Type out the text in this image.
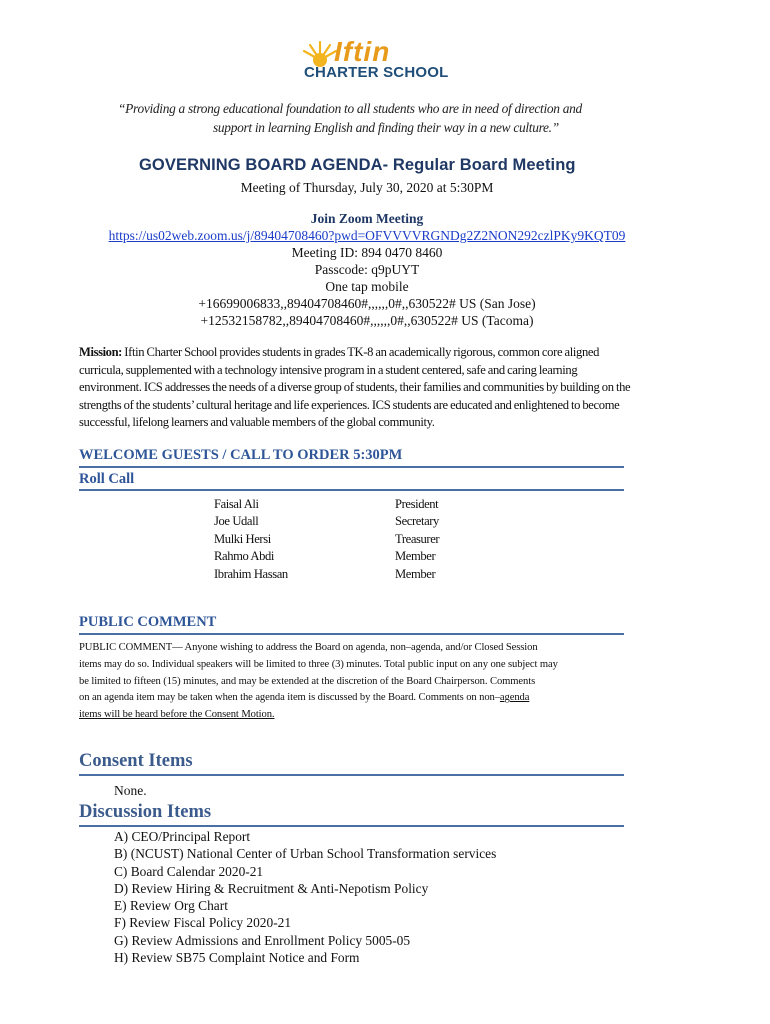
Iftin
CHARTER SCHOOL
“Providing a strong educational foundation to all students who are in need of direction and
support in learning English and finding their way in a new culture.”
GOVERNING BOARD AGENDA- Regular Board Meeting
Meeting of Thursday, July 30, 2020 at 5:30PM
Join Zoom Meeting
https://us02web.zoom.us/j/89404708460?pwd=OFVVVVRGNDg2Z2NON292czlPKy9KQT09
Meeting ID: 894 0470 8460
Passcode: q9pUYT
One tap mobile
+16699006833,,89404708460#,,,,,,0#,,630522# US (San Jose)
+12532158782,,89404708460#,,,,,,0#,,630522# US (Tacoma)
Mission: Iftin Charter School provides students in grades TK-8 an academically rigorous, common core aligned curricula, supplemented with a technology intensive program in a student centered, safe and caring learning environment. ICS addresses the needs of a diverse group of students, their families and communities by building on the strengths of the students’ cultural heritage and life experiences. ICS students are educated and enlightened to become successful, lifelong learners and valuable members of the global community.
WELCOME GUESTS / CALL TO ORDER 5:30PM
Roll Call
Faisal Ali
Joe Udall
Mulki Hersi
Rahmo Abdi
Ibrahim Hassan
President
Secretary
Treasurer
Member
Member
PUBLIC COMMENT
PUBLIC COMMENT— Anyone wishing to address the Board on agenda, non–agenda, and/or Closed Session
items may do so. Individual speakers will be limited to three (3) minutes. Total public input on any one subject may
be limited to fifteen (15) minutes, and may be extended at the discretion of the Board Chairperson. Comments
on an agenda item may be taken when the agenda item is discussed by the Board. Comments on non–agenda
items will be heard before the Consent Motion.
Consent Items
None.
Discussion Items
A) CEO/Principal Report
B) (NCUST) National Center of Urban School Transformation services
C) Board Calendar 2020-21
D) Review Hiring & Recruitment & Anti-Nepotism Policy
E) Review Org Chart
F) Review Fiscal Policy 2020-21
G) Review Admissions and Enrollment Policy 5005-05
H) Review SB75 Complaint Notice and Form
